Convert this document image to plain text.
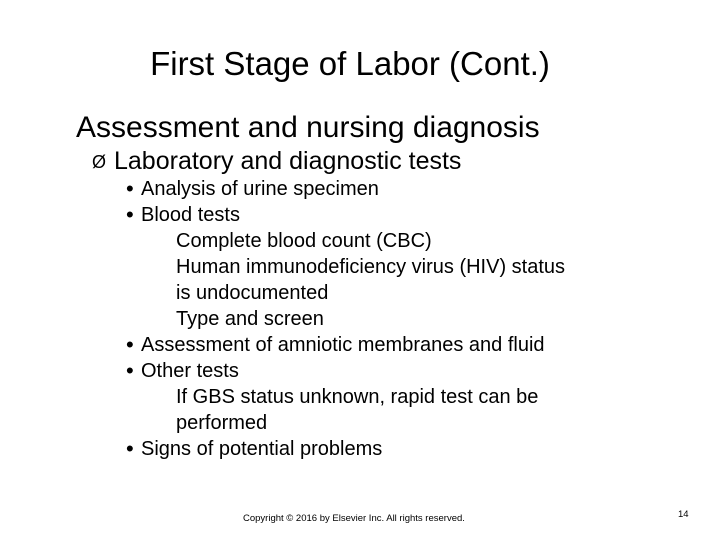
First Stage of Labor (Cont.)
Assessment and nursing diagnosis
Ø Laboratory and diagnostic tests
• Analysis of urine specimen
• Blood tests
Complete blood count (CBC)
Human immunodeficiency virus (HIV) status
is undocumented
Type and screen
• Assessment of amniotic membranes and fluid
• Other tests
If GBS status unknown, rapid test can be
performed
• Signs of potential problems
Copyright © 2016 by Elsevier Inc. All rights reserved.	14
